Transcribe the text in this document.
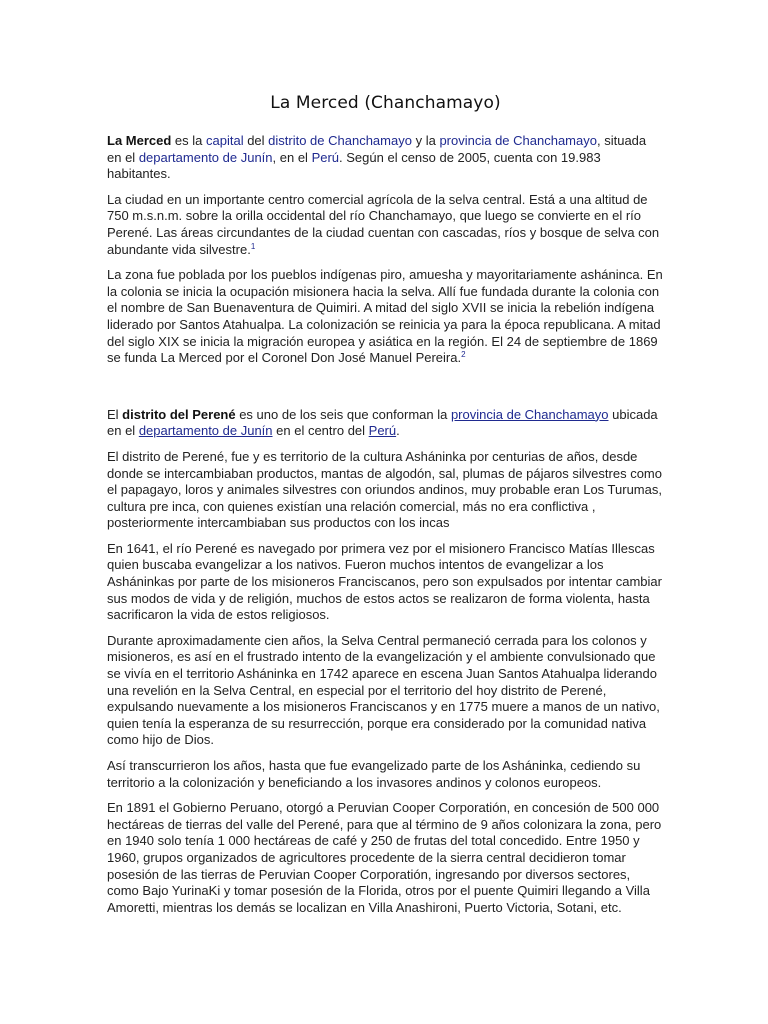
La Merced (Chanchamayo)

La Merced es la capital del distrito de Chanchamayo y la provincia de Chanchamayo, situada en el departamento de Junín, en el Perú. Según el censo de 2005, cuenta con 19.983 habitantes.

La ciudad en un importante centro comercial agrícola de la selva central. Está a una altitud de 750 m.s.n.m. sobre la orilla occidental del río Chanchamayo, que luego se convierte en el río Perené. Las áreas circundantes de la ciudad cuentan con cascadas, ríos y bosque de selva con abundante vida silvestre.$^1$

La zona fue poblada por los pueblos indígenas piro, amuesha y mayoritariamente asháninca. En la colonia se inicia la ocupación misionera hacia la selva. Allí fue fundada durante la colonia con el nombre de San Buenaventura de Quimiri. A mitad del siglo XVII se inicia la rebelión indígena liderado por Santos Atahualpa. La colonización se reinicia ya para la época republicana. A mitad del siglo XIX se inicia la migración europea y asiática en la región. El 24 de septiembre de 1869 se funda La Merced por el Coronel Don José Manuel Pereira.$^2$

El distrito del Perené es uno de los seis que conforman la provincia de Chanchamayo ubicada en el departamento de Junín en el centro del Perú.

El distrito de Perené, fue y es territorio de la cultura Asháninka por centurias de años, desde donde se intercambiaban productos, mantas de algodón, sal, plumas de pájaros silvestres como el papagayo, loros y animales silvestres con oriundos andinos, muy probable eran Los Turumas, cultura pre inca, con quienes existían una relación comercial, más no era conflictiva , posteriormente intercambiaban sus productos con los incas

En 1641, el río Perené es navegado por primera vez por el misionero Francisco Matías Illescas quien buscaba evangelizar a los nativos. Fueron muchos intentos de evangelizar a los Asháninkas por parte de los misioneros Franciscanos, pero son expulsados por intentar cambiar sus modos de vida y de religión, muchos de estos actos se realizaron de forma violenta, hasta sacrificaron la vida de estos religiosos.

Durante aproximadamente cien años, la Selva Central permaneció cerrada para los colonos y misioneros, es así en el frustrado intento de la evangelización y el ambiente convulsionado que se vivía en el territorio Asháninka en 1742 aparece en escena Juan Santos Atahualpa liderando una revelión en la Selva Central, en especial por el territorio del hoy distrito de Perené, expulsando nuevamente a los misioneros Franciscanos y en 1775 muere a manos de un nativo, quien tenía la esperanza de su resurrección, porque era considerado por la comunidad nativa como hijo de Dios.

Así transcurrieron los años, hasta que fue evangelizado parte de los Asháninka, cediendo su territorio a la colonización y beneficiando a los invasores andinos y colonos europeos.

En 1891 el Gobierno Peruano, otorgó a Peruvian Cooper Corporatión, en concesión de 500 000 hectáreas de tierras del valle del Perené, para que al término de 9 años colonizara la zona, pero en 1940 solo tenía 1 000 hectáreas de café y 250 de frutas del total concedido. Entre 1950 y 1960, grupos organizados de agricultores procedente de la sierra central decidieron tomar posesión de las tierras de Peruvian Cooper Corporatión, ingresando por diversos sectores, como Bajo YurinaKi y tomar posesión de la Florida, otros por el puente Quimiri llegando a Villa Amoretti, mientras los demás se localizan en Villa Anashironi, Puerto Victoria, Sotani, etc.
